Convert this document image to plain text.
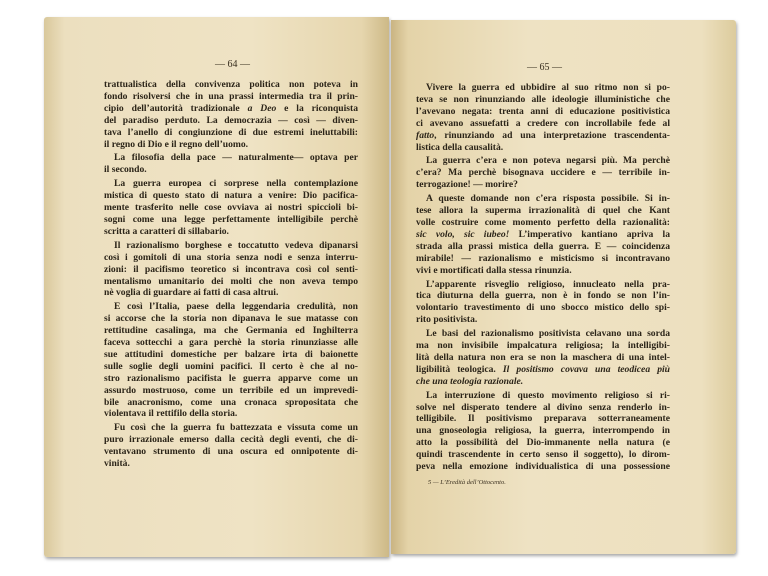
— 64 —	— 65 —
trattualistica della convivenza politica non poteva in
fondo risolversi che in una prassi intermedia tra il prin-
cipio dell’autorità tradizionale a Deo e la riconquista
del paradiso perduto. La democrazia — così — diven-
tava l’anello di congiunzione di due estremi ineluttabili:
il regno di Dio e il regno dell’uomo.
La filosofia della pace — naturalmente— optava per
il secondo.
La guerra europea ci sorprese nella contemplazione
mistica di questo stato di natura a venire: Dio pacifica-
mente trasferito nelle cose ovviava ai nostri spiccioli bi-
sogni come una legge perfettamente intelligibile perchè
scritta a caratteri di sillabario.
Il razionalismo borghese e toccatutto vedeva dipanarsi
così i gomitoli di una storia senza nodi e senza interru-
zioni: il pacifismo teoretico si incontrava così col senti-
mentalismo umanitario dei molti che non aveva tempo
nè voglia di guardare ai fatti di casa altrui.
E così l’Italia, paese della leggendaria credulità, non
si accorse che la storia non dipanava le sue matasse con
rettitudine casalinga, ma che Germania ed Inghilterra
faceva sottecchi a gara perchè la storia rinunziasse alle
sue attitudini domestiche per balzare irta di baionette
sulle soglie degli uomini pacifici. Il certo è che al no-
stro razionalismo pacifista le guerra apparve come un
assurdo mostruoso, come un terribile ed un imprevedi-
bile anacronismo, come una cronaca spropositata che
violentava il rettifilo della storia.
Fu così che la guerra fu battezzata e vissuta come un
puro irrazionale emerso dalla cecità degli eventi, che di-
ventavano strumento di una oscura ed onnipotente di-
vinità.
Vivere la guerra ed ubbidire al suo ritmo non si po-
teva se non rinunziando alle ideologie illuministiche che
l’avevano negata: trenta anni di educazione positivistica
ci avevano assuefatti a credere con incrollabile fede al
fatto, rinunziando ad una interpretazione trascendenta-
listica della causalità.
La guerra c’era e non poteva negarsi più. Ma perchè
c’era? Ma perchè bisognava uccidere e — terribile in-
terrogazione! — morire?
A queste domande non c’era risposta possibile. Si in-
tese allora la superma irrazionalità di quel che Kant
volle costruire come momento perfetto della razionalità:
sic volo, sic iubeo! L’imperativo kantiano apriva la
strada alla prassi mistica della guerra. E — coincidenza
mirabile! — razionalismo e misticismo si incontravano
vivi e mortificati dalla stessa rinunzia.
L’apparente risveglio religioso, innucleato nella pra-
tica diuturna della guerra, non è in fondo se non l’in-
volontario travestimento di uno sbocco mistico dello spi-
rito positivista.
Le basi del razionalismo positivista celavano una sorda
ma non invisibile impalcatura religiosa; la intelligibi-
lità della natura non era se non la maschera di una intel-
ligibilità teologica. Il positismo covava una teodicea più
che una teologia razionale.
La interruzione di questo movimento religioso si ri-
solve nel disperato tendere al divino senza renderlo in-
telligibile. Il positivismo preparava sotterraneamente
una gnoseologia religiosa, la guerra, interrompendo in
atto la possibilità del Dio-immanente nella natura (e
quindi trascendente in certo senso il soggetto), lo dirom-
peva nella emozione individualistica di una possessione
5 — L’Eredità dell’Ottocento.
